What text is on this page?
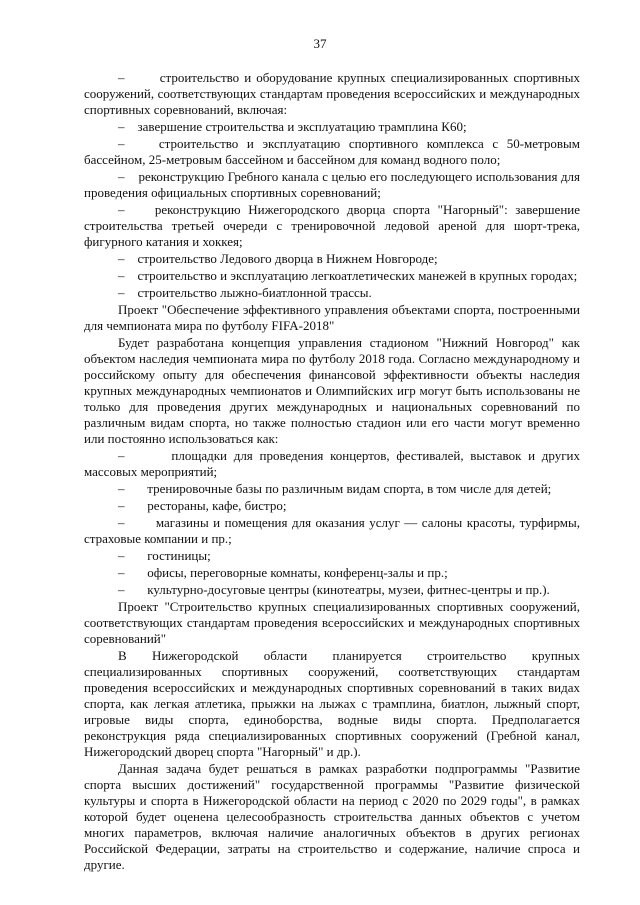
37

–       строительство и оборудование крупных специализированных спортивных сооружений, соответствующих стандартам проведения всероссийских и международных спортивных соревнований, включая:

–    завершение строительства и эксплуатацию трамплина К60;

–    строительство и эксплуатацию спортивного комплекса с 50-метровым бассейном, 25-метровым бассейном и бассейном для команд водного поло;

–    реконструкцию Гребного канала с целью его последующего использования для проведения официальных спортивных соревнований;

–    реконструкцию Нижегородского дворца спорта "Нагорный": завершение строительства третьей очереди с тренировочной ледовой ареной для шорт-трека, фигурного катания и хоккея;

–    строительство Ледового дворца в Нижнем Новгороде;

–    строительство и эксплуатацию легкоатлетических манежей в крупных городах;

–    строительство лыжно-биатлонной трассы.

Проект "Обеспечение эффективного управления объектами спорта, построенными для чемпионата мира по футболу FIFA-2018"

Будет разработана концепция управления стадионом "Нижний Новгород" как объектом наследия чемпионата мира по футболу 2018 года. Согласно международному и российскому опыту для обеспечения финансовой эффективности объекты наследия крупных международных чемпионатов и Олимпийских игр могут быть использованы не только для проведения других международных и национальных соревнований по различным видам спорта, но также полностью стадион или его части могут временно или постоянно использоваться как:

–       площадки для проведения концертов, фестивалей, выставок и других массовых мероприятий;

–       тренировочные базы по различным видам спорта, в том числе для детей;

–       рестораны, кафе, бистро;

–       магазины и помещения для оказания услуг — салоны красоты, турфирмы, страховые компании и пр.;

–       гостиницы;

–       офисы, переговорные комнаты, конференц-залы и пр.;

–       культурно-досуговые центры (кинотеатры, музеи, фитнес-центры и пр.).

Проект "Строительство крупных специализированных спортивных сооружений, соответствующих стандартам проведения всероссийских и международных спортивных соревнований"

В Нижегородской области планируется строительство крупных специализированных спортивных сооружений, соответствующих стандартам проведения всероссийских и международных спортивных соревнований в таких видах спорта, как легкая атлетика, прыжки на лыжах с трамплина, биатлон, лыжный спорт, игровые виды спорта, единоборства, водные виды спорта. Предполагается реконструкция ряда специализированных спортивных сооружений (Гребной канал, Нижегородский дворец спорта "Нагорный" и др.).

Данная задача будет решаться в рамках разработки подпрограммы "Развитие спорта высших достижений" государственной программы "Развитие физической культуры и спорта в Нижегородской области на период с 2020 по 2029 годы", в рамках которой будет оценена целесообразность строительства данных объектов с учетом многих параметров, включая наличие аналогичных объектов в других регионах Российской Федерации, затраты на строительство и содержание, наличие спроса и другие.
